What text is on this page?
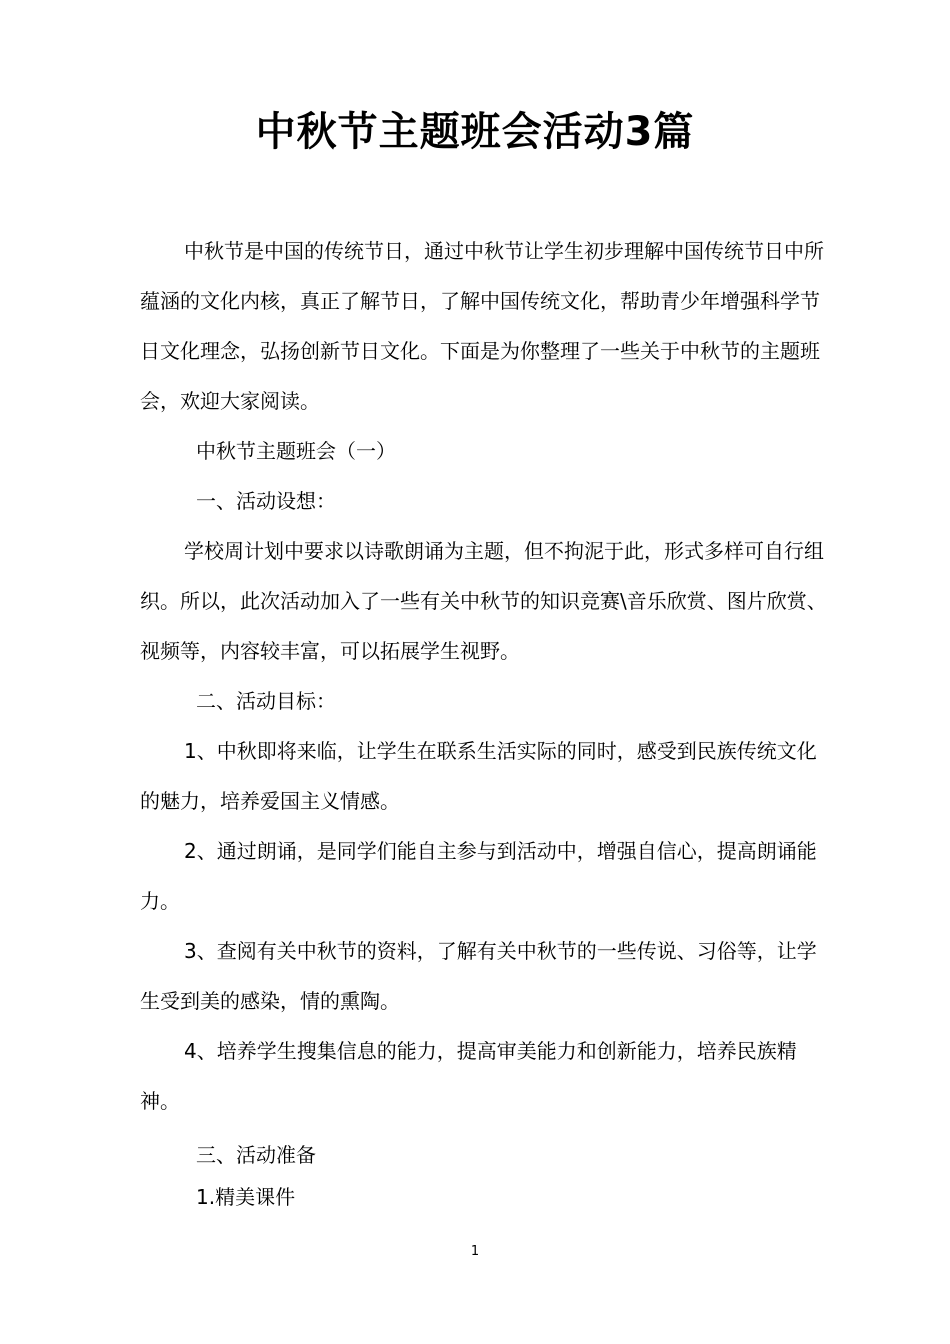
中秋节主题班会活动3篇

中秋节是中国的传统节日，通过中秋节让学生初步理解中国传统节日中所蕴涵的文化内核，真正了解节日，了解中国传统文化，帮助青少年增强科学节日文化理念，弘扬创新节日文化。下面是为你整理了一些关于中秋节的主题班会，欢迎大家阅读。

中秋节主题班会（一）
一、活动设想：

学校周计划中要求以诗歌朗诵为主题，但不拘泥于此，形式多样可自行组织。所以，此次活动加入了一些有关中秋节的知识竞赛\音乐欣赏、图片欣赏、视频等，内容较丰富，可以拓展学生视野。

二、活动目标：

1、中秋即将来临，让学生在联系生活实际的同时，感受到民族传统文化的魅力，培养爱国主义情感。

2、通过朗诵，是同学们能自主参与到活动中，增强自信心，提高朗诵能力。

3、查阅有关中秋节的资料，了解有关中秋节的一些传说、习俗等，让学生受到美的感染，情的熏陶。

4、培养学生搜集信息的能力，提高审美能力和创新能力，培养民族精神。

三、活动准备
1.精美课件
1
